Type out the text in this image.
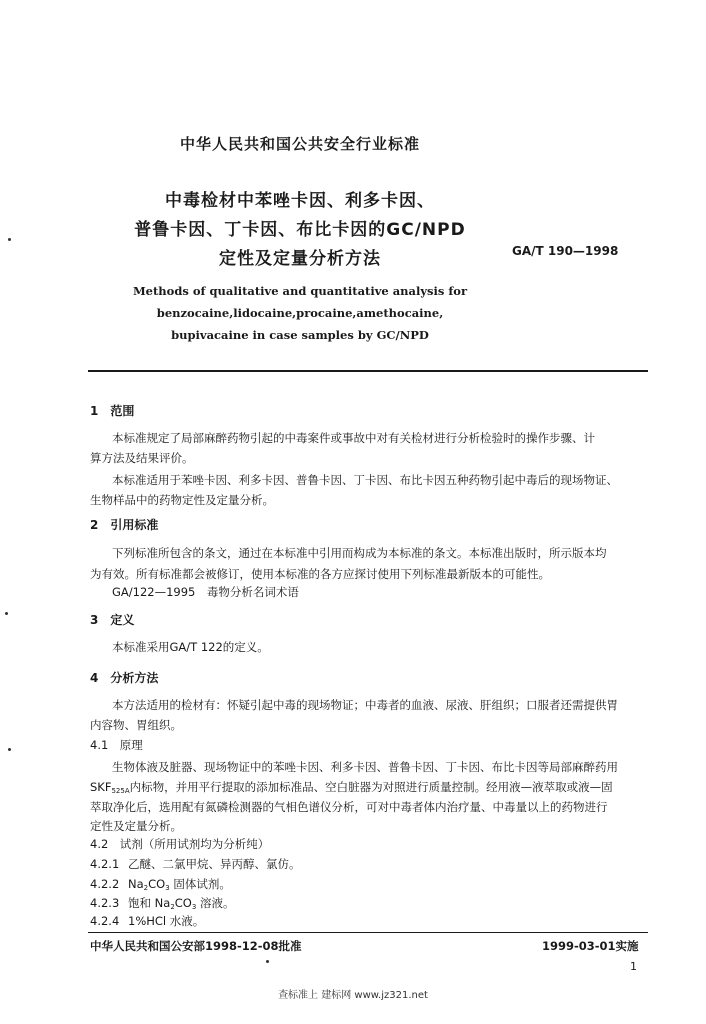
中华人民共和国公共安全行业标准
中毒检材中苯唑卡因、利多卡因、
普鲁卡因、丁卡因、布比卡因的GC/NPD
定性及定量分析方法	GA/T 190—1998
Methods of qualitative and quantitative analysis for
benzocaine,lidocaine,procaine,amethocaine,
bupivacaine in case samples by GC/NPD
1　范围
本标准规定了局部麻醉药物引起的中毒案件或事故中对有关检材进行分析检验时的操作步骤、计
算方法及结果评价。
本标准适用于苯唑卡因、利多卡因、普鲁卡因、丁卡因、布比卡因五种药物引起中毒后的现场物证、
生物样品中的药物定性及定量分析。
2　引用标准
下列标准所包含的条文，通过在本标准中引用而构成为本标准的条文。本标准出版时，所示版本均
为有效。所有标准都会被修订，使用本标准的各方应探讨使用下列标准最新版本的可能性。
GA/122—1995　毒物分析名词术语
3　定义
本标准采用GA/T 122的定义。
4　分析方法
本方法适用的检材有：怀疑引起中毒的现场物证；中毒者的血液、尿液、肝组织；口服者还需提供胃
内容物、胃组织。
4.1　原理
生物体液及脏器、现场物证中的苯唑卡因、利多卡因、普鲁卡因、丁卡因、布比卡因等局部麻醉药用
$SKF_{525A}$内标物，并用平行提取的添加标准品、空白脏器为对照进行质量控制。经用液—液萃取或液—固
萃取净化后，选用配有氮磷检测器的气相色谱仪分析，可对中毒者体内治疗量、中毒量以上的药物进行
定性及定量分析。
4.2　试剂（所用试剂均为分析纯）
4.2.1 乙醚、二氯甲烷、异丙醇、氯仿。
4.2.2 $Na_2CO_3$ 固体试剂。
4.2.3 饱和 $Na_2CO_3$ 溶液。
4.2.4 1%HCl 水液。
中华人民共和国公安部1998-12-08批准	1999-03-01实施
1
查标准上 建标网 www.jz321.net
